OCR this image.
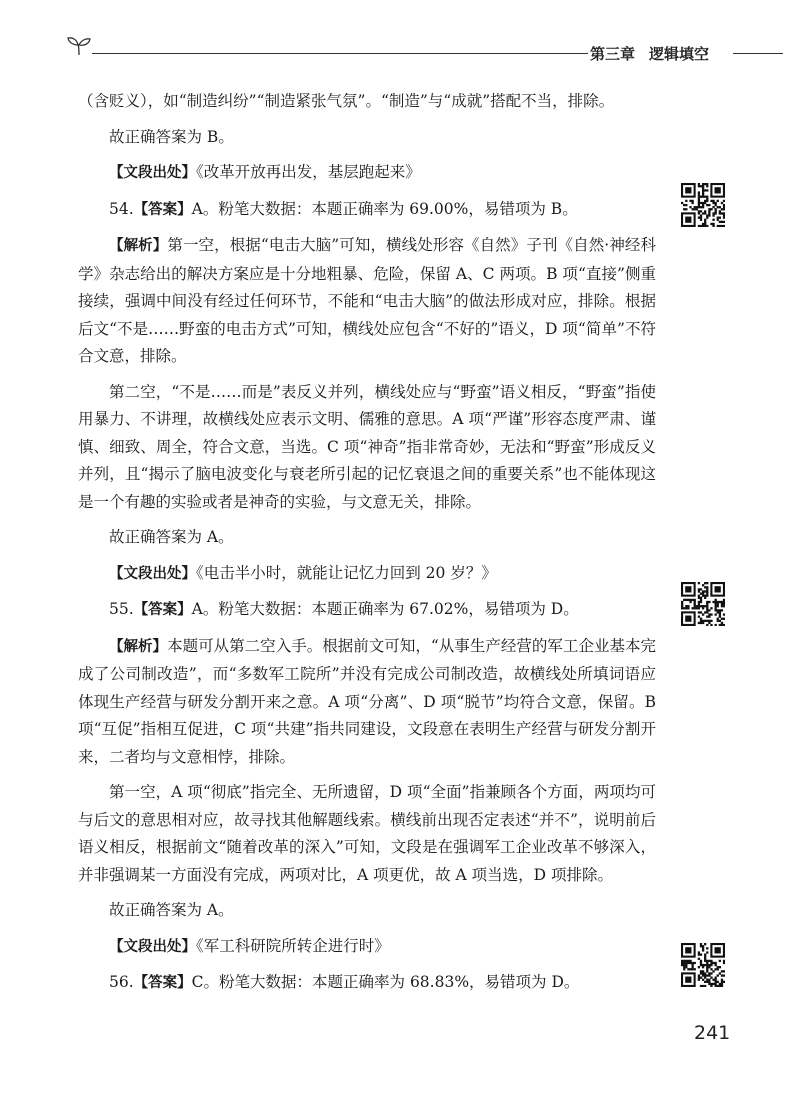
第三章 逻辑填空

（含贬义），如“制造纠纷”“制造紧张气氛”。“制造”与“成就”搭配不当，排除。

故正确答案为 B。

【文段出处】《改革开放再出发，基层跑起来》

54.【答案】A。粉笔大数据：本题正确率为 69.00%，易错项为 B。

【解析】第一空，根据“电击大脑”可知，横线处形容《自然》子刊《自然·神经科学》杂志给出的解决方案应是十分地粗暴、危险，保留 A、C 两项。B 项“直接”侧重接续，强调中间没有经过任何环节，不能和“电击大脑”的做法形成对应，排除。根据后文“不是……野蛮的电击方式”可知，横线处应包含“不好的”语义，D 项“简单”不符合文意，排除。

第二空，“不是……而是”表反义并列，横线处应与“野蛮”语义相反，“野蛮”指使用暴力、不讲理，故横线处应表示文明、儒雅的意思。A 项“严谨”形容态度严肃、谨慎、细致、周全，符合文意，当选。C 项“神奇”指非常奇妙，无法和“野蛮”形成反义并列，且“揭示了脑电波变化与衰老所引起的记忆衰退之间的重要关系”也不能体现这是一个有趣的实验或者是神奇的实验，与文意无关，排除。

故正确答案为 A。

【文段出处】《电击半小时，就能让记忆力回到 20 岁？》

55.【答案】A。粉笔大数据：本题正确率为 67.02%，易错项为 D。

【解析】本题可从第二空入手。根据前文可知，“从事生产经营的军工企业基本完成了公司制改造”，而“多数军工院所”并没有完成公司制改造，故横线处所填词语应体现生产经营与研发分割开来之意。A 项“分离”、D 项“脱节”均符合文意，保留。B 项“互促”指相互促进，C 项“共建”指共同建设，文段意在表明生产经营与研发分割开来，二者均与文意相悖，排除。

第一空，A 项“彻底”指完全、无所遗留，D 项“全面”指兼顾各个方面，两项均可与后文的意思相对应，故寻找其他解题线索。横线前出现否定表述“并不”，说明前后语义相反，根据前文“随着改革的深入”可知，文段是在强调军工企业改革不够深入，并非强调某一方面没有完成，两项对比，A 项更优，故 A 项当选，D 项排除。

故正确答案为 A。

【文段出处】《军工科研院所转企进行时》

56.【答案】C。粉笔大数据：本题正确率为 68.83%，易错项为 D。

241
